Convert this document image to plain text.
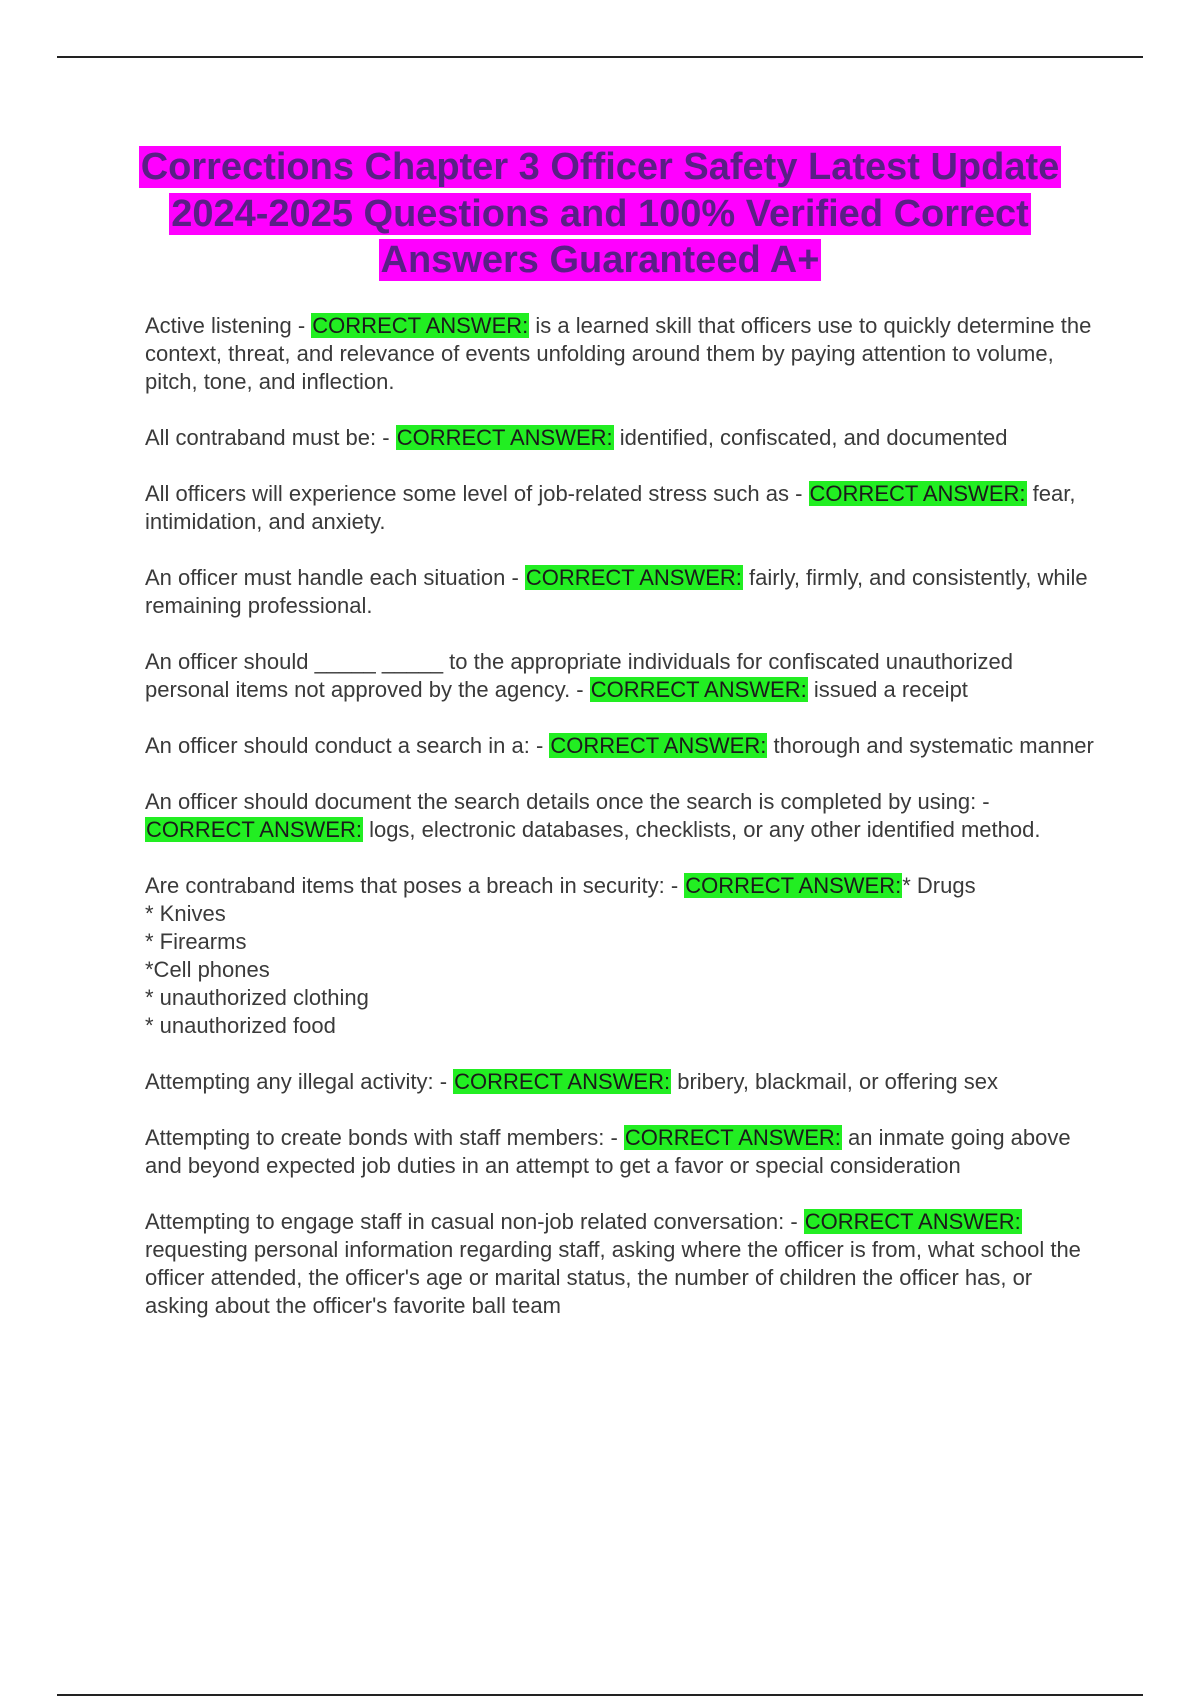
Corrections Chapter 3 Officer Safety Latest Update 2024-2025 Questions and 100% Verified Correct Answers Guaranteed A+
Active listening - CORRECT ANSWER: is a learned skill that officers use to quickly determine the context, threat, and relevance of events unfolding around them by paying attention to volume, pitch, tone, and inflection.
All contraband must be: - CORRECT ANSWER: identified, confiscated, and documented
All officers will experience some level of job-related stress such as - CORRECT ANSWER: fear, intimidation, and anxiety.
An officer must handle each situation - CORRECT ANSWER: fairly, firmly, and consistently, while remaining professional.
An officer should _____ _____ to the appropriate individuals for confiscated unauthorized personal items not approved by the agency. - CORRECT ANSWER: issued a receipt
An officer should conduct a search in a: - CORRECT ANSWER: thorough and systematic manner
An officer should document the search details once the search is completed by using: - CORRECT ANSWER: logs, electronic databases, checklists, or any other identified method.
Are contraband items that poses a breach in security: - CORRECT ANSWER:* Drugs
* Knives
* Firearms
*Cell phones
* unauthorized clothing
* unauthorized food
Attempting any illegal activity: - CORRECT ANSWER: bribery, blackmail, or offering sex
Attempting to create bonds with staff members: - CORRECT ANSWER: an inmate going above and beyond expected job duties in an attempt to get a favor or special consideration
Attempting to engage staff in casual non-job related conversation: - CORRECT ANSWER: requesting personal information regarding staff, asking where the officer is from, what school the officer attended, the officer's age or marital status, the number of children the officer has, or asking about the officer's favorite ball team
